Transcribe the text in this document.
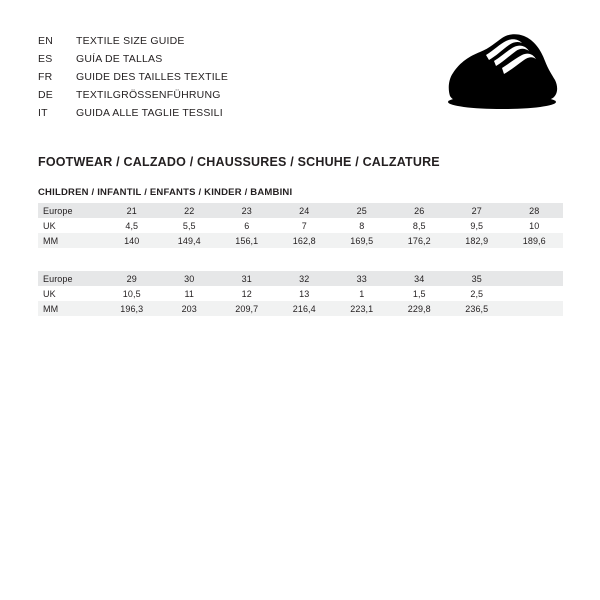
EN	TEXTILE SIZE GUIDE
ES	GUÍA DE TALLAS
FR	GUIDE DES TAILLES TEXTILE
DE	TEXTILGRÖSSENFÜHRUNG
IT	GUIDA ALLE TAGLIE TESSILI
FOOTWEAR / CALZADO / CHAUSSURES / SCHUHE / CALZATURE
CHILDREN / INFANTIL / ENFANTS / KINDER / BAMBINI
Europe	21	22	23	24	25	26	27	28
UK	4,5	5,5	6	7	8	8,5	9,5	10
MM	140	149,4	156,1	162,8	169,5	176,2	182,9	189,6
Europe	29	30	31	32	33	34	35	
UK	10,5	11	12	13	1	1,5	2,5	
MM	196,3	203	209,7	216,4	223,1	229,8	236,5	
